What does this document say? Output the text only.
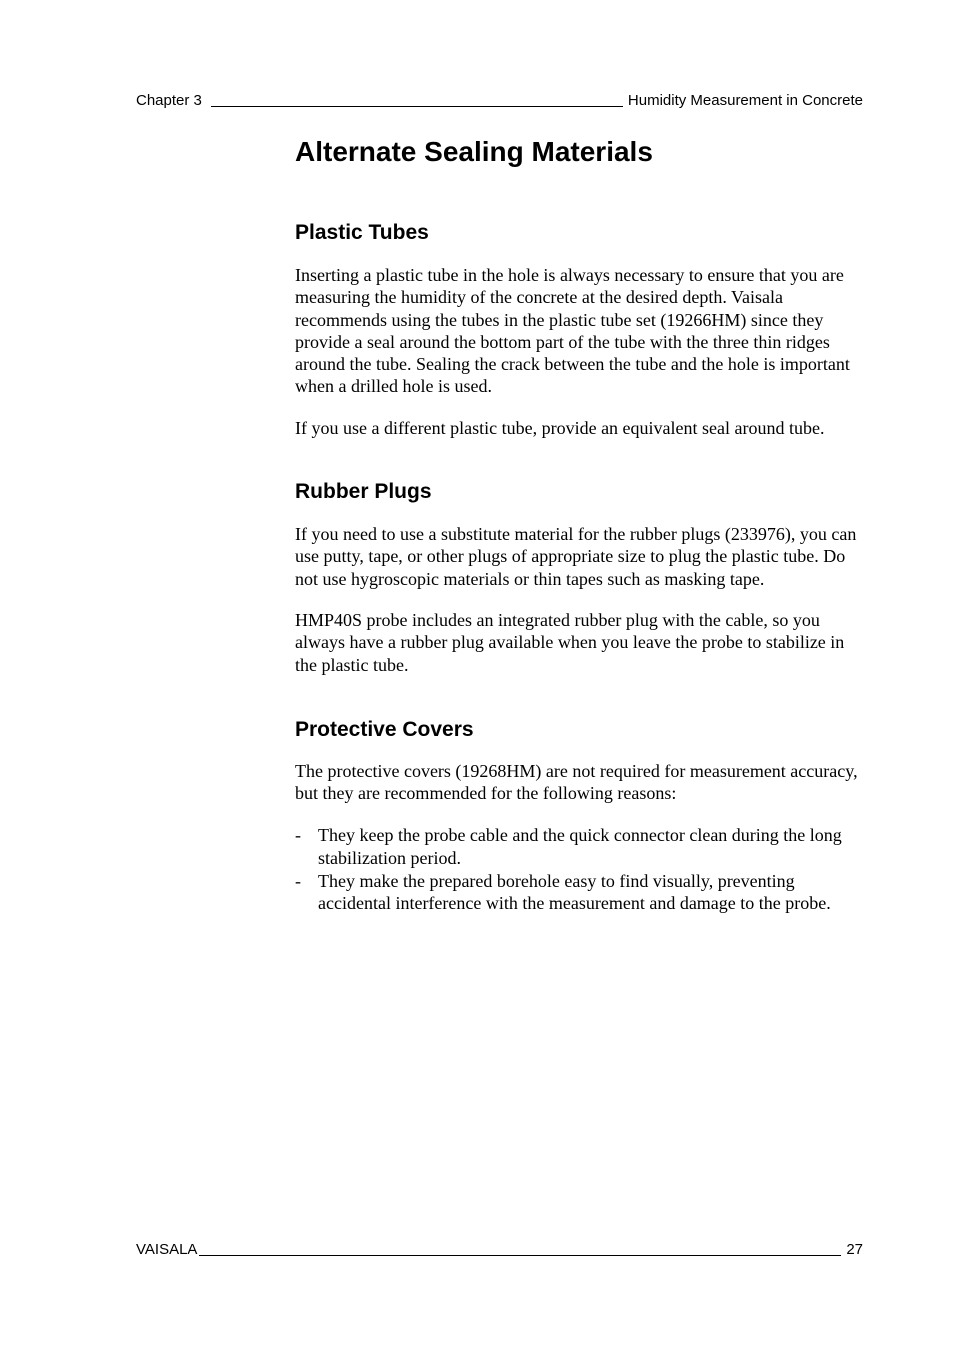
Chapter 3	Humidity Measurement in Concrete
Alternate Sealing Materials
Plastic Tubes

Inserting a plastic tube in the hole is always necessary to ensure that you are measuring the humidity of the concrete at the desired depth. Vaisala recommends using the tubes in the plastic tube set (19266HM) since they provide a seal around the bottom part of the tube with the three thin ridges around the tube. Sealing the crack between the tube and the hole is important when a drilled hole is used.

If you use a different plastic tube, provide an equivalent seal around tube.

Rubber Plugs

If you need to use a substitute material for the rubber plugs (233976), you can use putty, tape, or other plugs of appropriate size to plug the plastic tube. Do not use hygroscopic materials or thin tapes such as masking tape.

HMP40S probe includes an integrated rubber plug with the cable, so you always have a rubber plug available when you leave the probe to stabilize in the plastic tube.

Protective Covers

The protective covers (19268HM) are not required for measurement accuracy, but they are recommended for the following reasons:

- They keep the probe cable and the quick connector clean during the long stabilization period.
- They make the prepared borehole easy to find visually, preventing accidental interference with the measurement and damage to the probe.
VAISALA	27
